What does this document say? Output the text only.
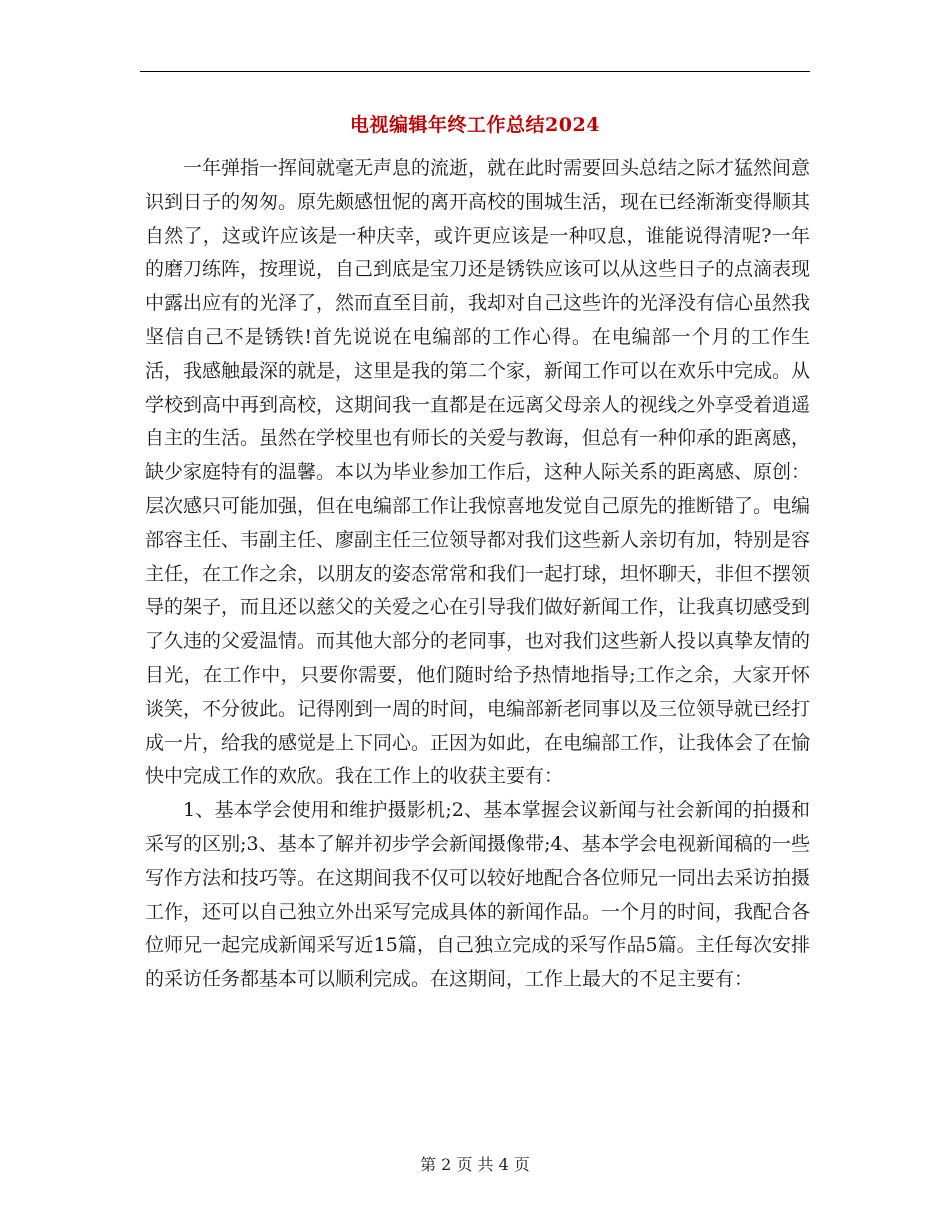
电视编辑年终工作总结2024

一年弹指一挥间就毫无声息的流逝，就在此时需要回头总结之际才猛然间意识到日子的匆匆。原先颇感忸怩的离开高校的围城生活，现在已经渐渐变得顺其自然了，这或许应该是一种庆幸，或许更应该是一种叹息，谁能说得清呢?一年的磨刀练阵，按理说，自己到底是宝刀还是锈铁应该可以从这些日子的点滴表现中露出应有的光泽了，然而直至目前，我却对自己这些许的光泽没有信心虽然我坚信自己不是锈铁!首先说说在电编部的工作心得。在电编部一个月的工作生活，我感触最深的就是，这里是我的第二个家，新闻工作可以在欢乐中完成。从学校到高中再到高校，这期间我一直都是在远离父母亲人的视线之外享受着逍遥自主的生活。虽然在学校里也有师长的关爱与教诲，但总有一种仰承的距离感，缺少家庭特有的温馨。本以为毕业参加工作后，这种人际关系的距离感、原创： 层次感只可能加强，但在电编部工作让我惊喜地发觉自己原先的推断错了。电编部容主任、韦副主任、廖副主任三位领导都对我们这些新人亲切有加，特别是容主任，在工作之余，以朋友的姿态常常和我们一起打球，坦怀聊天，非但不摆领导的架子，而且还以慈父的关爱之心在引导我们做好新闻工作，让我真切感受到了久违的父爱温情。而其他大部分的老同事，也对我们这些新人投以真挚友情的目光，在工作中，只要你需要，他们随时给予热情地指导;工作之余，大家开怀谈笑，不分彼此。记得刚到一周的时间，电编部新老同事以及三位领导就已经打成一片，给我的感觉是上下同心。正因为如此，在电编部工作，让我体会了在愉快中完成工作的欢欣。我在工作上的收获主要有：

1、基本学会使用和维护摄影机;2、基本掌握会议新闻与社会新闻的拍摄和采写的区别;3、基本了解并初步学会新闻摄像带;4、基本学会电视新闻稿的一些写作方法和技巧等。在这期间我不仅可以较好地配合各位师兄一同出去采访拍摄工作，还可以自己独立外出采写完成具体的新闻作品。一个月的时间，我配合各位师兄一起完成新闻采写近15篇，自己独立完成的采写作品5篇。主任每次安排的采访任务都基本可以顺利完成。在这期间，工作上最大的不足主要有：

第 2 页 共 4 页
